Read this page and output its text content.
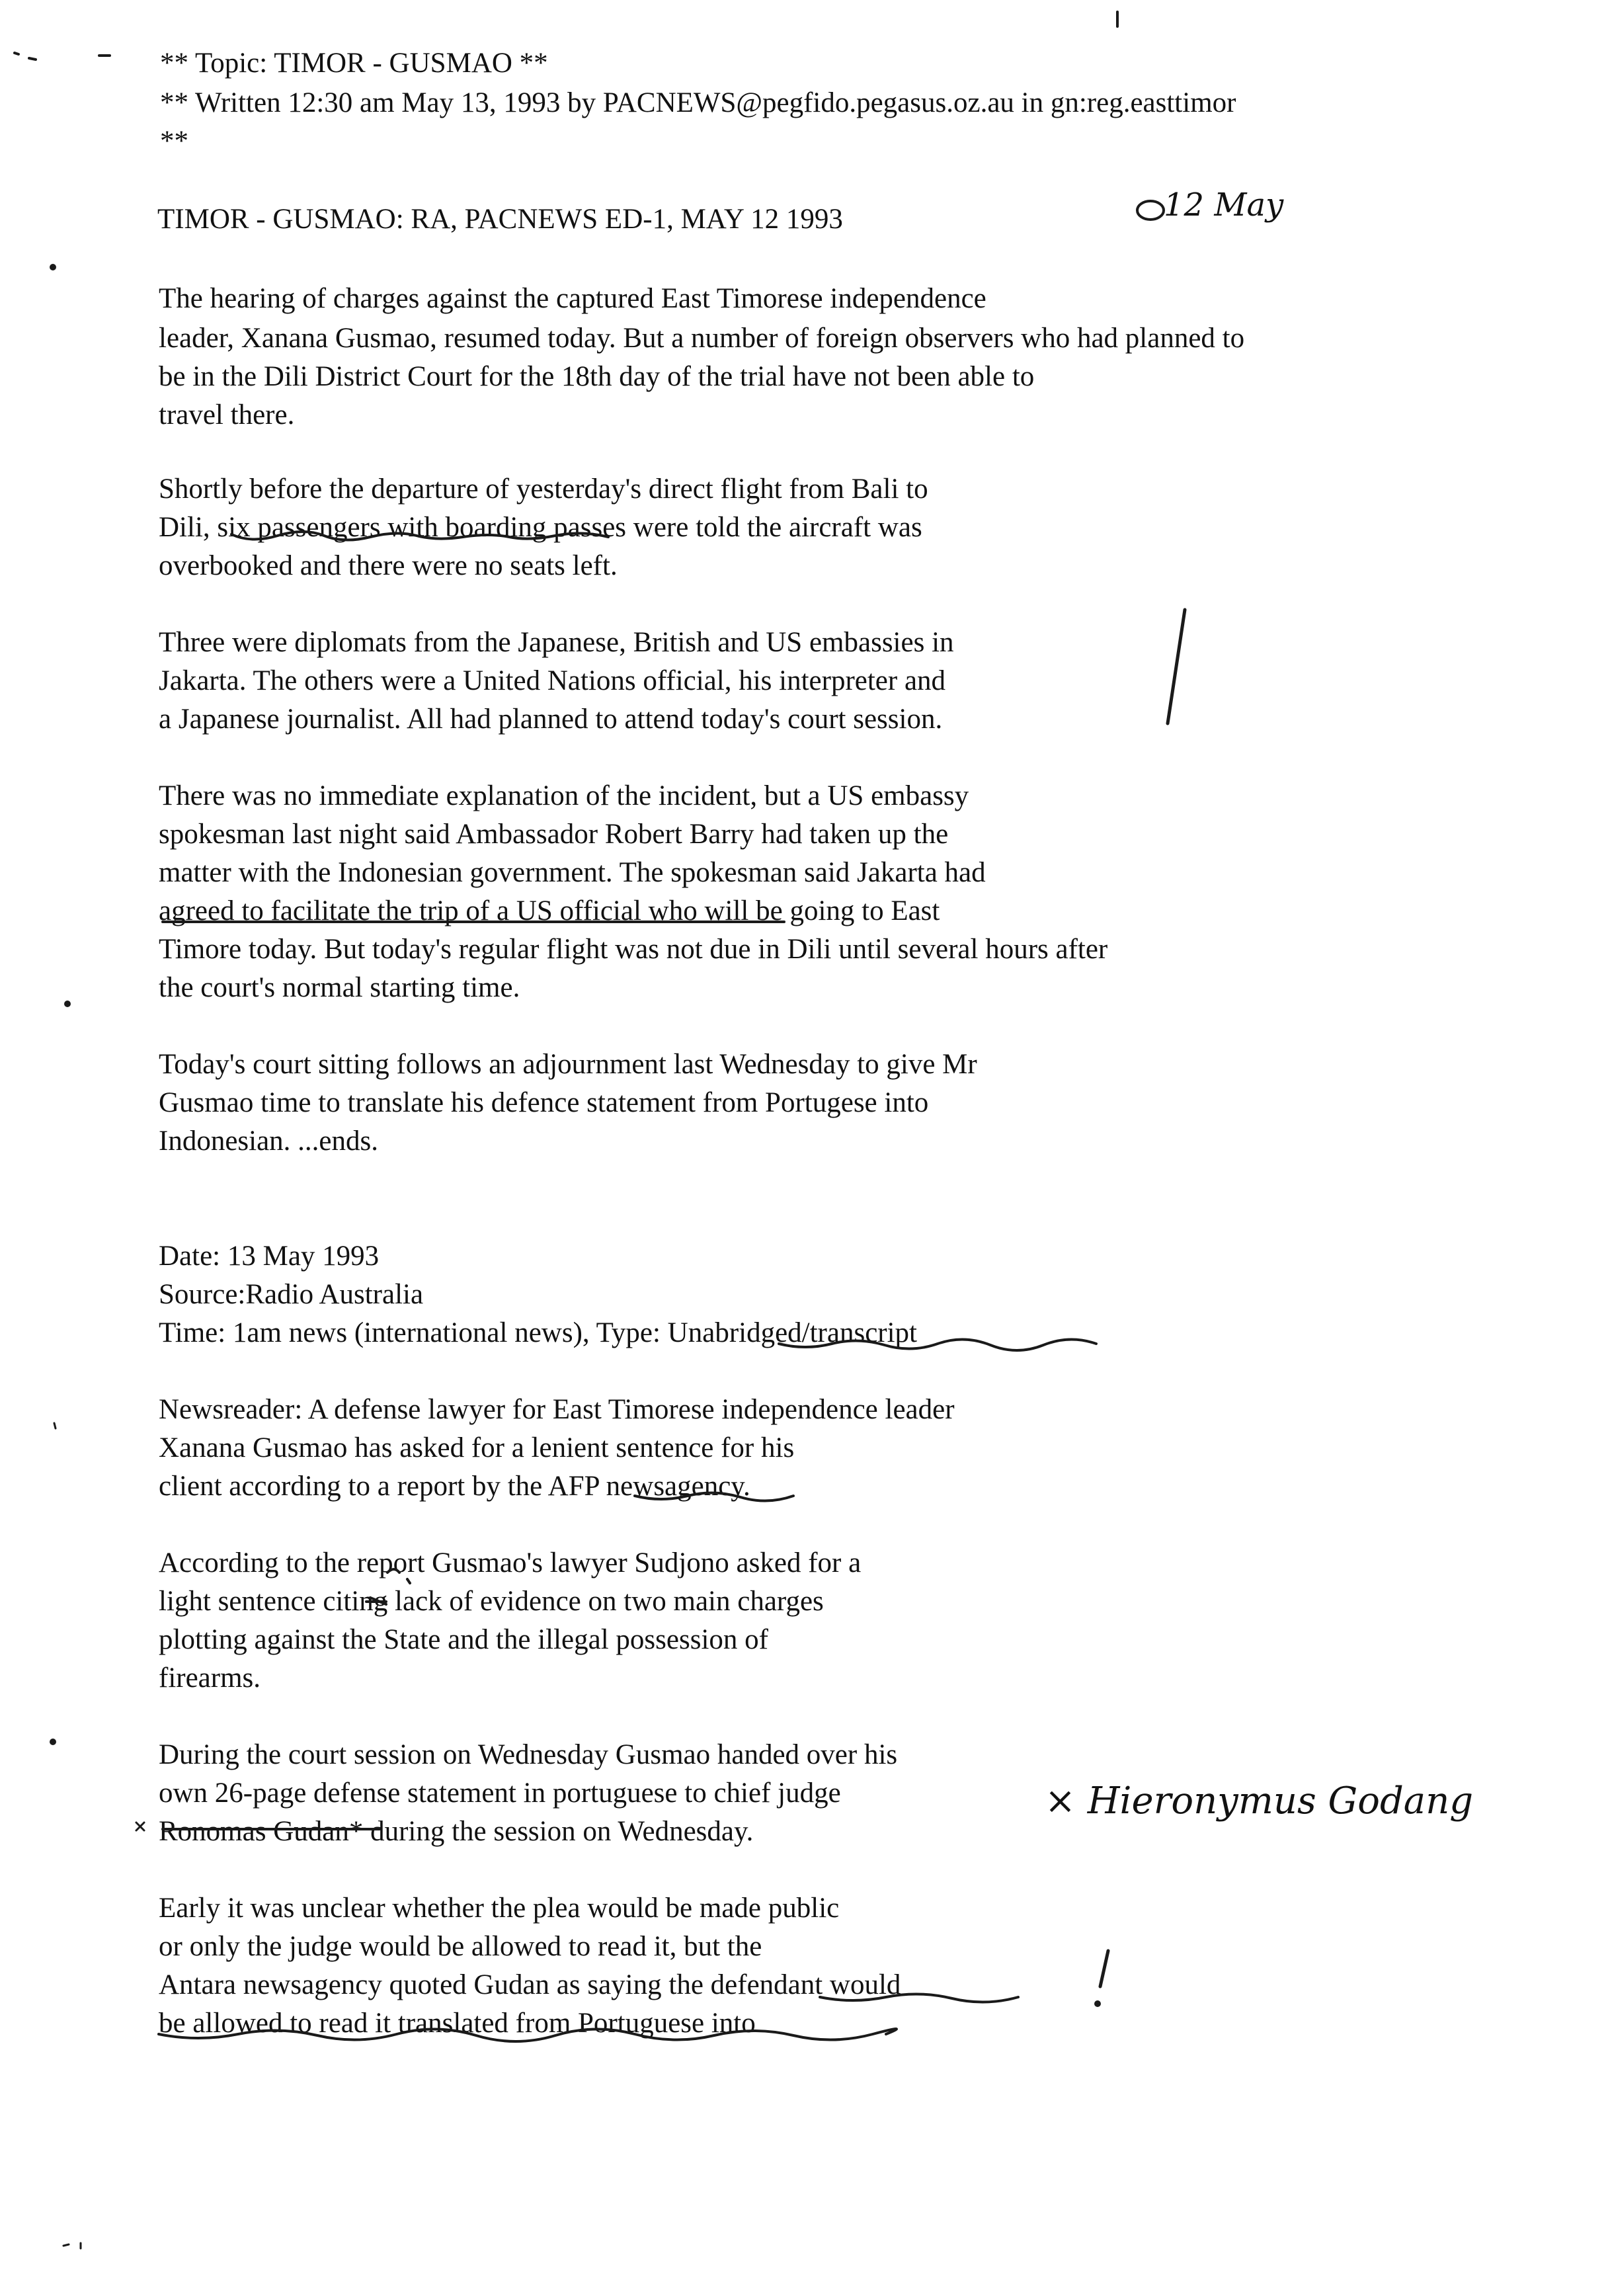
** Topic: TIMOR - GUSMAO **

** Written 12:30 am May 13, 1993 by PACNEWS@pegfido.pegasus.oz.au in gn:reg.easttimor

**

TIMOR - GUSMAO: RA, PACNEWS ED-1, MAY 12 1993	12 May

The hearing of charges against the captured East Timorese independence

leader, Xanana Gusmao, resumed today. But a number of foreign observers who had planned to

be in the Dili District Court for the 18th day of the trial have not been able to

travel there.

Shortly before the departure of yesterday's direct flight from Bali to

Dili, six passengers with boarding passes were told the aircraft was

overbooked and there were no seats left.

Three were diplomats from the Japanese, British and US embassies in

Jakarta. The others were a United Nations official, his interpreter and

a Japanese journalist. All had planned to attend today's court session.

There was no immediate explanation of the incident, but a US embassy

spokesman last night said Ambassador Robert Barry had taken up the

matter with the Indonesian government. The spokesman said Jakarta had

agreed to facilitate the trip of a US official who will be going to East

Timore today. But today's regular flight was not due in Dili until several hours after

the court's normal starting time.

Today's court sitting follows an adjournment last Wednesday to give Mr

Gusmao time to translate his defence statement from Portugese into

Indonesian. ...ends.

Date: 13 May 1993

Source:Radio Australia

Time: 1am news (international news), Type: Unabridged/transcript

Newsreader: A defense lawyer for East Timorese independence leader

Xanana Gusmao has asked for a lenient sentence for his

client according to a report by the AFP newsagency.

According to the report Gusmao's lawyer Sudjono asked for a

light sentence citing lack of evidence on two main charges

plotting against the State and the illegal possession of

firearms.

During the court session on Wednesday Gusmao handed over his

own 26-page defense statement in portuguese to chief judge

Ronomas Gudan* during the session on Wednesday.

× Hieronymus Godang

Early it was unclear whether the plea would be made public

or only the judge would be allowed to read it, but the

Antara newsagency quoted Gudan as saying the defendant would

be allowed to read it translated from Portuguese into
